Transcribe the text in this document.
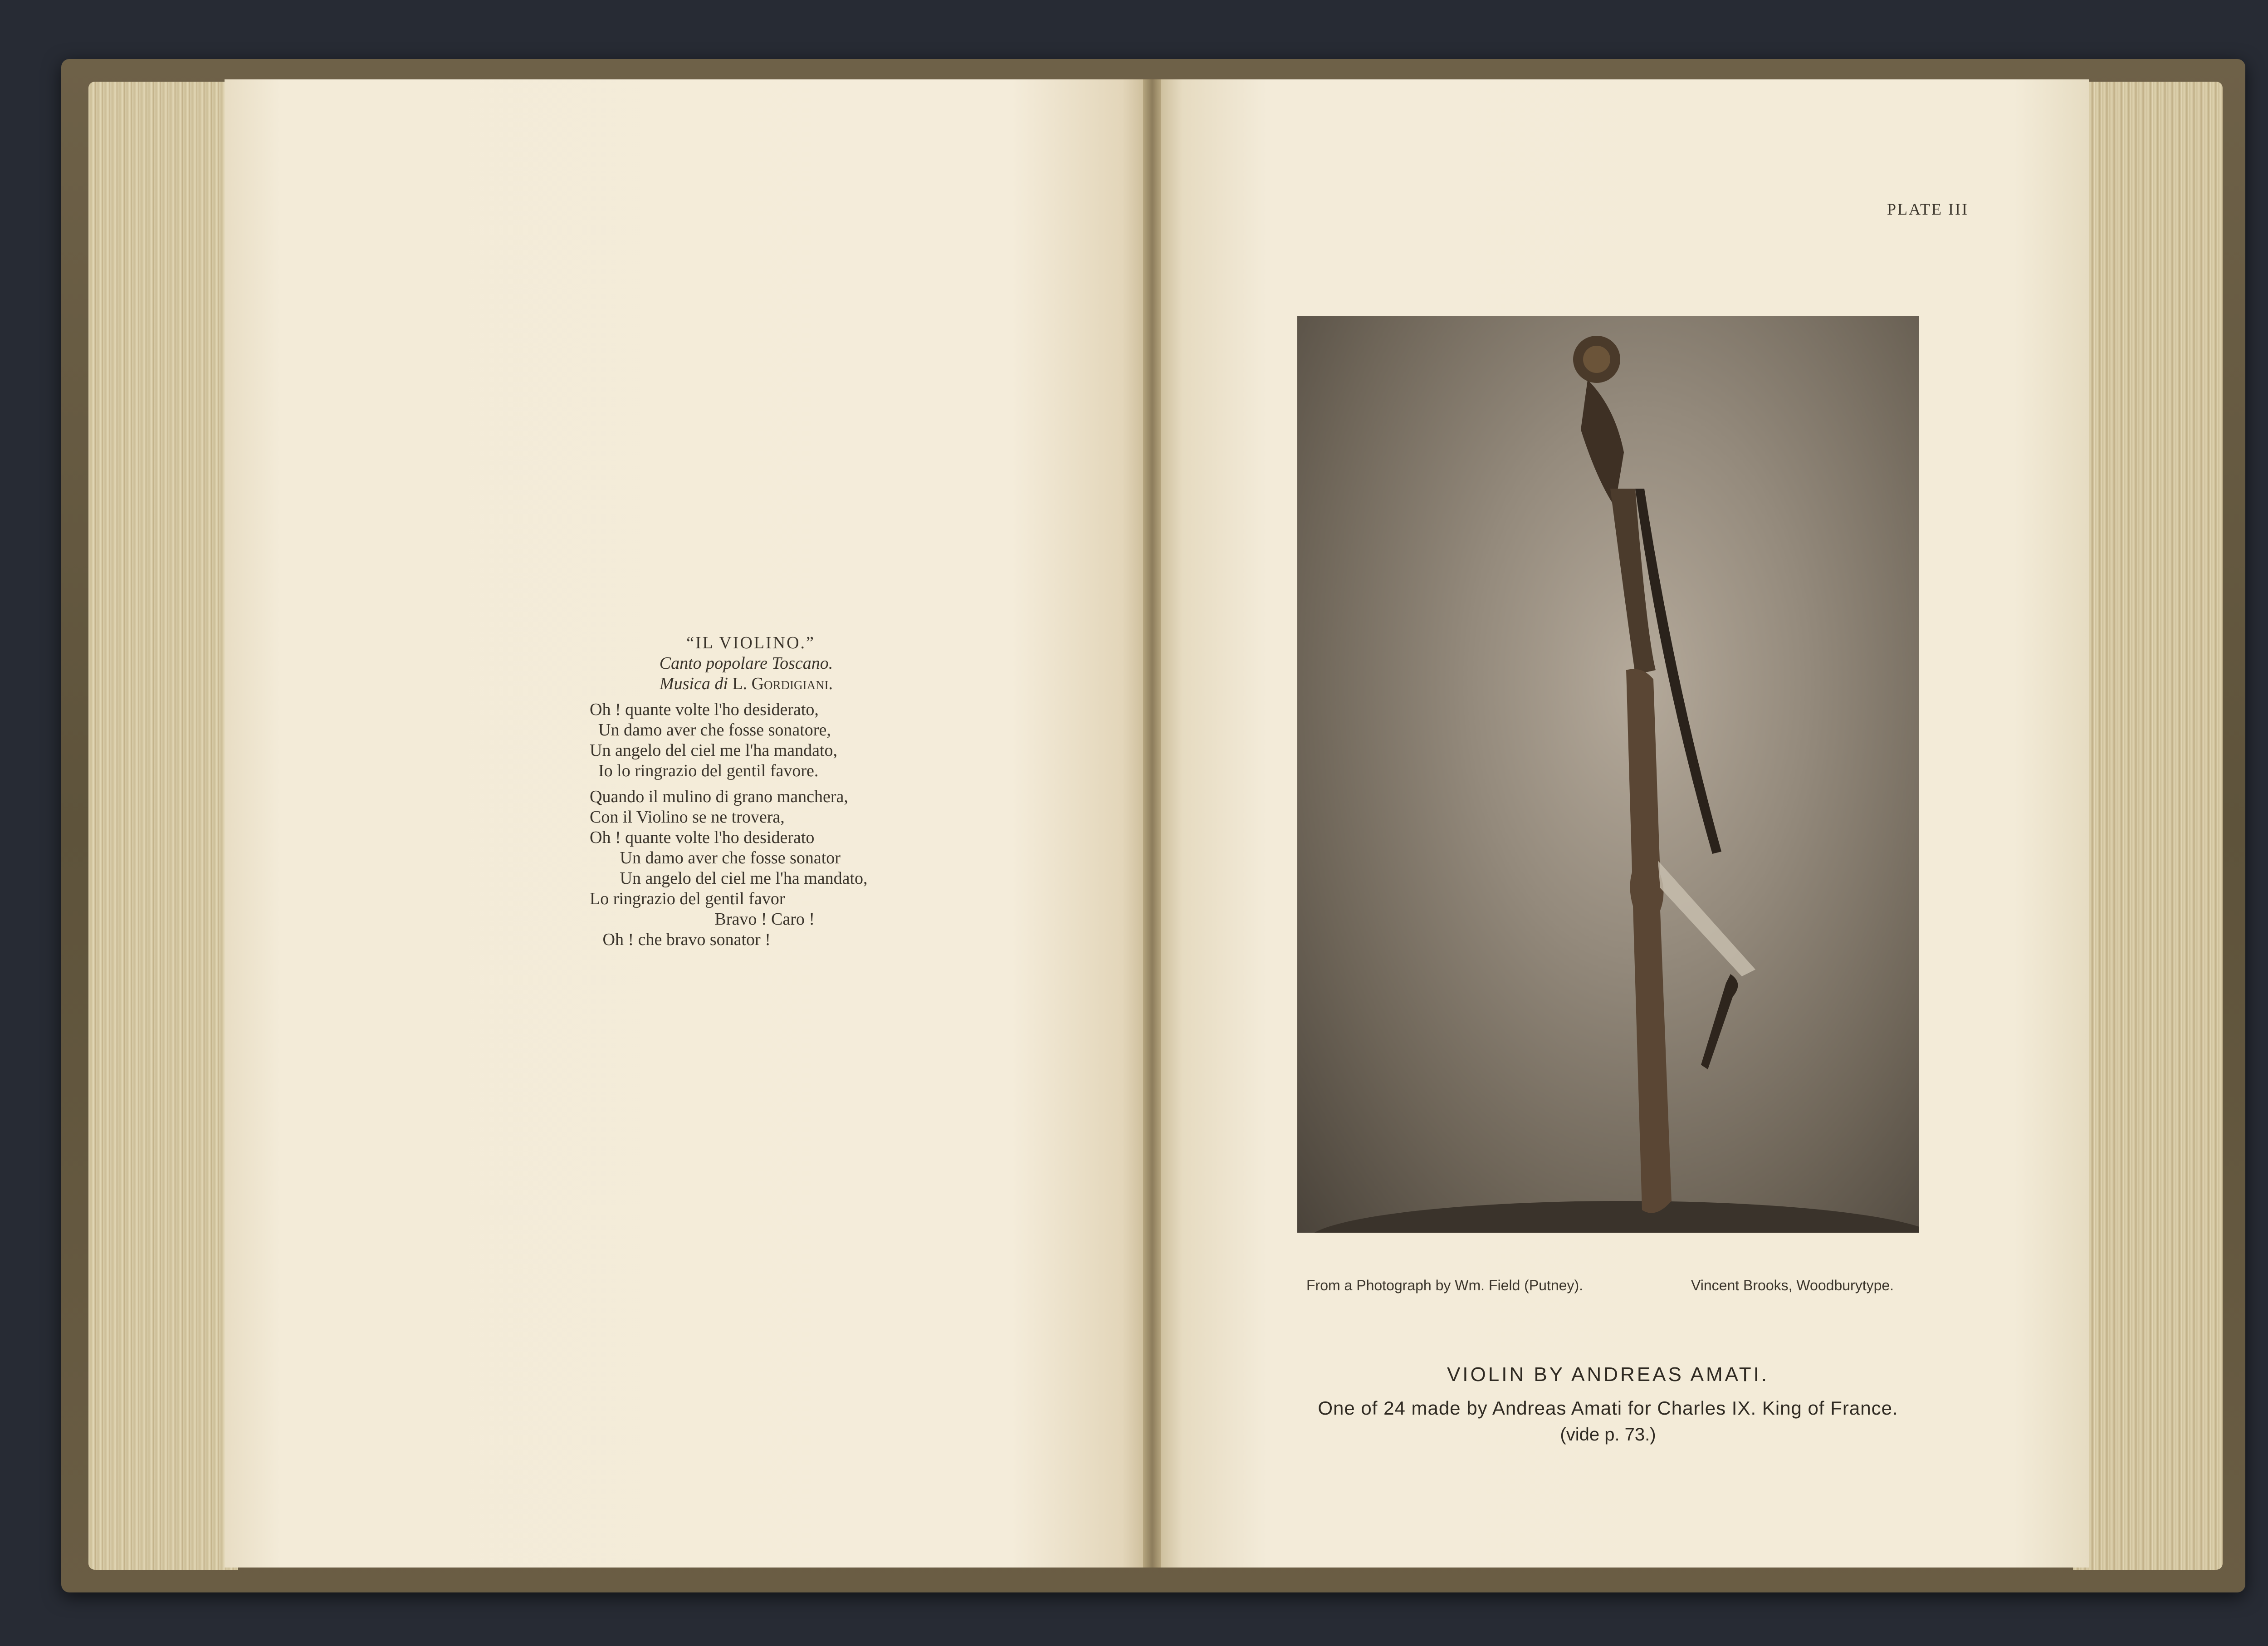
“IL VIOLINO.”
Canto popolare Toscano.
Musica di L. Gordigiani.
Oh ! quante volte l'ho desiderato,
Un damo aver che fosse sonatore,
Un angelo del ciel me l'ha mandato,
Io lo ringrazio del gentil favore.
Quando il mulino di grano manchera,
Con il Violino se ne trovera,
Oh ! quante volte l'ho desiderato
Un damo aver che fosse sonator
Un angelo del ciel me l'ha mandato,
Lo ringrazio del gentil favor
Bravo ! Caro !
Oh ! che bravo sonator !
PLATE III
From a Photograph by Wm. Field (Putney).	Vincent Brooks, Woodburytype.
VIOLIN BY ANDREAS AMATI.
One of 24 made by Andreas Amati for Charles IX. King of France.
(vide p. 73.)
